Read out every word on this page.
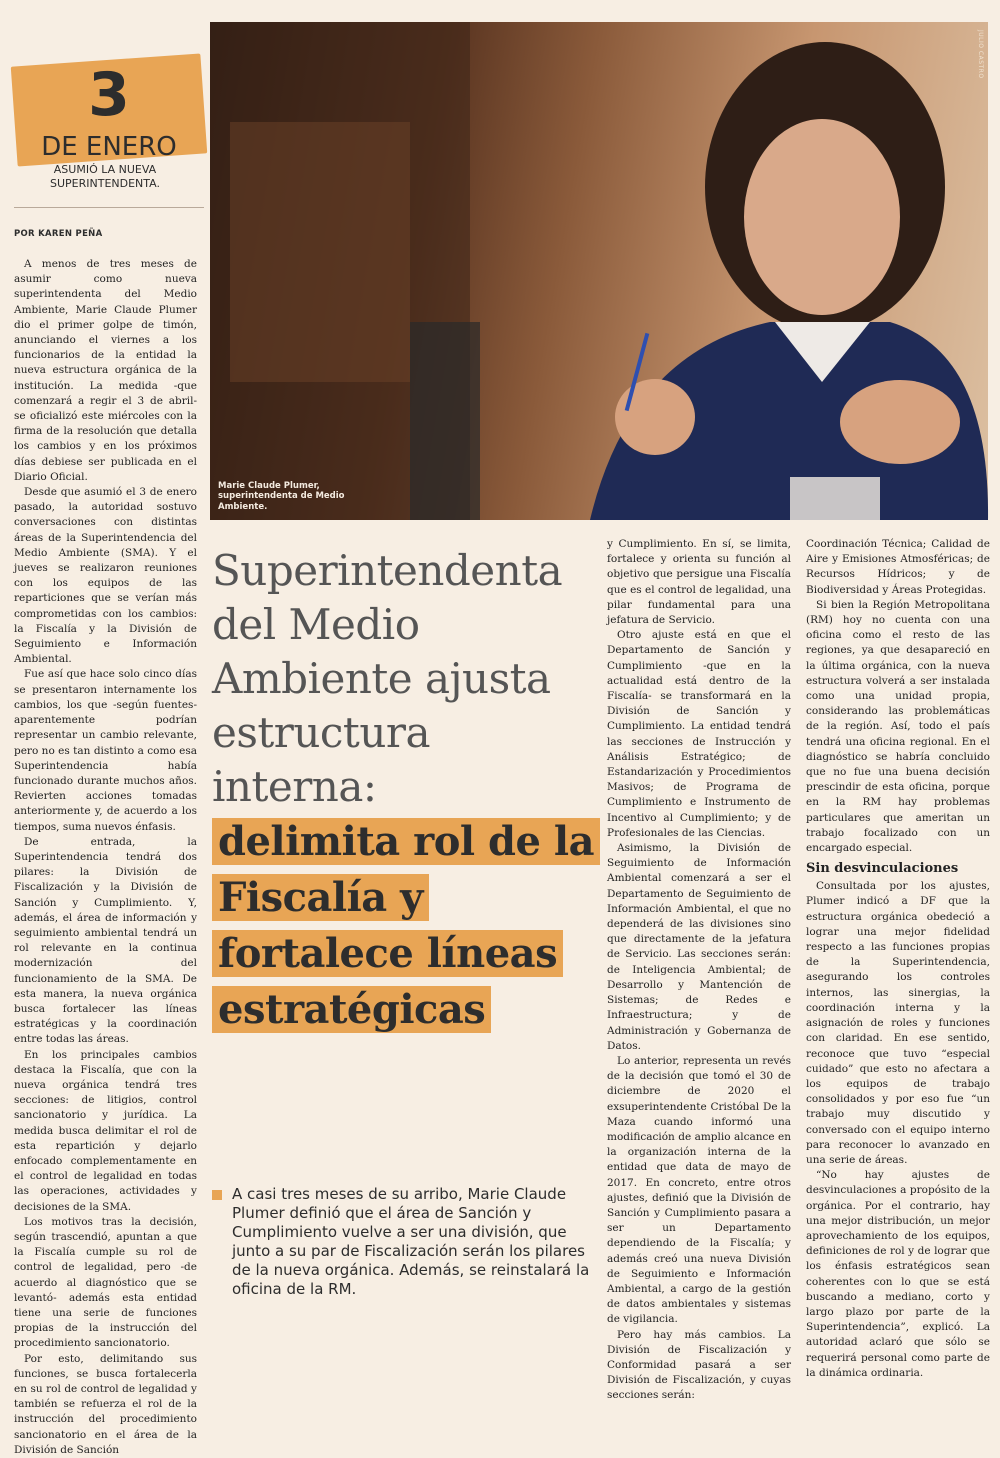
3
DE ENERO
ASUMIÓ LA NUEVA SUPERINTENDENTA.
POR KAREN PEÑA
JULIO CASTRO
Marie Claude Plumer, superintendenta de Medio Ambiente.
Superintendenta del Medio Ambiente ajusta estructura interna:
delimita rol de la Fiscalía y fortalece líneas estratégicas
A casi tres meses de su arribo, Marie Claude Plumer definió que el área de Sanción y Cumplimiento vuelve a ser una división, que junto a su par de Fiscalización serán los pilares de la nueva orgánica. Además, se reinstalará la oficina de la RM.

A menos de tres meses de asumir como nueva superintendenta del Medio Ambiente, Marie Claude Plumer dio el primer golpe de timón, anunciando el viernes a los funcionarios de la entidad la nueva estructura orgánica de la institución. La medida -que comenzará a regir el 3 de abril- se oficializó este miércoles con la firma de la resolución que detalla los cambios y en los próximos días debiese ser publicada en el Diario Oficial.

Desde que asumió el 3 de enero pasado, la autoridad sostuvo conversaciones con distintas áreas de la Superintendencia del Medio Ambiente (SMA). Y el jueves se realizaron reuniones con los equipos de las reparticiones que se verían más comprometidas con los cambios: la Fiscalía y la División de Seguimiento e Información Ambiental.

Fue así que hace solo cinco días se presentaron internamente los cambios, los que -según fuentes- aparentemente podrían representar un cambio relevante, pero no es tan distinto a como esa Superintendencia había funcionado durante muchos años. Revierten acciones tomadas anteriormente y, de acuerdo a los tiempos, suma nuevos énfasis.

De entrada, la Superintendencia tendrá dos pilares: la División de Fiscalización y la División de Sanción y Cumplimiento. Y, además, el área de información y seguimiento ambiental tendrá un rol relevante en la continua modernización del funcionamiento de la SMA. De esta manera, la nueva orgánica busca fortalecer las líneas estratégicas y la coordinación entre todas las áreas.

En los principales cambios destaca la Fiscalía, que con la nueva orgánica tendrá tres secciones: de litigios, control sancionatorio y jurídica. La medida busca delimitar el rol de esta repartición y dejarlo enfocado complementamente en el control de legalidad en todas las operaciones, actividades y decisiones de la SMA.

Los motivos tras la decisión, según trascendió, apuntan a que la Fiscalía cumple su rol de control de legalidad, pero -de acuerdo al diagnóstico que se levantó- además esta entidad tiene una serie de funciones propias de la instrucción del procedimiento sancionatorio.

Por esto, delimitando sus funciones, se busca fortalecerla en su rol de control de legalidad y también se refuerza el rol de la instrucción del procedimiento sancionatorio en el área de la División de Sanción

y Cumplimiento. En sí, se limita, fortalece y orienta su función al objetivo que persigue una Fiscalía que es el control de legalidad, una pilar fundamental para una jefatura de Servicio.

Otro ajuste está en que el Departamento de Sanción y Cumplimiento -que en la actualidad está dentro de la Fiscalía- se transformará en la División de Sanción y Cumplimiento. La entidad tendrá las secciones de Instrucción y Análisis Estratégico; de Estandarización y Procedimientos Masivos; de Programa de Cumplimiento e Instrumento de Incentivo al Cumplimiento; y de Profesionales de las Ciencias.

Asimismo, la División de Seguimiento de Información Ambiental comenzará a ser el Departamento de Seguimiento de Información Ambiental, el que no dependerá de las divisiones sino que directamente de la jefatura de Servicio. Las secciones serán: de Inteligencia Ambiental; de Desarrollo y Mantención de Sistemas; de Redes e Infraestructura; y de Administración y Gobernanza de Datos.

Lo anterior, representa un revés de la decisión que tomó el 30 de diciembre de 2020 el exsuperintendente Cristóbal De la Maza cuando informó una modificación de amplio alcance en la organización interna de la entidad que data de mayo de 2017. En concreto, entre otros ajustes, definió que la División de Sanción y Cumplimiento pasara a ser un Departamento dependiendo de la Fiscalía; y además creó una nueva División de Seguimiento e Información Ambiental, a cargo de la gestión de datos ambientales y sistemas de vigilancia.

Pero hay más cambios. La División de Fiscalización y Conformidad pasará a ser División de Fiscalización, y cuyas secciones serán:

Coordinación Técnica; Calidad de Aire y Emisiones Atmosféricas; de Recursos Hídricos; y de Biodiversidad y Áreas Protegidas.

Si bien la Región Metropolitana (RM) hoy no cuenta con una oficina como el resto de las regiones, ya que desapareció en la última orgánica, con la nueva estructura volverá a ser instalada como una unidad propia, considerando las problemáticas de la región. Así, todo el país tendrá una oficina regional. En el diagnóstico se habría concluido que no fue una buena decisión prescindir de esta oficina, porque en la RM hay problemas particulares que ameritan un trabajo focalizado con un encargado especial.

Sin desvinculaciones

Consultada por los ajustes, Plumer indicó a DF que la estructura orgánica obedeció a lograr una mejor fidelidad respecto a las funciones propias de la Superintendencia, asegurando los controles internos, las sinergias, la coordinación interna y la asignación de roles y funciones con claridad. En ese sentido, reconoce que tuvo “especial cuidado” que esto no afectara a los equipos de trabajo consolidados y por eso fue “un trabajo muy discutido y conversado con el equipo interno para reconocer lo avanzado en una serie de áreas.

“No hay ajustes de desvinculaciones a propósito de la orgánica. Por el contrario, hay una mejor distribución, un mejor aprovechamiento de los equipos, definiciones de rol y de lograr que los énfasis estratégicos sean coherentes con lo que se está buscando a mediano, corto y largo plazo por parte de la Superintendencia”, explicó. La autoridad aclaró que sólo se requerirá personal como parte de la dinámica ordinaria.
